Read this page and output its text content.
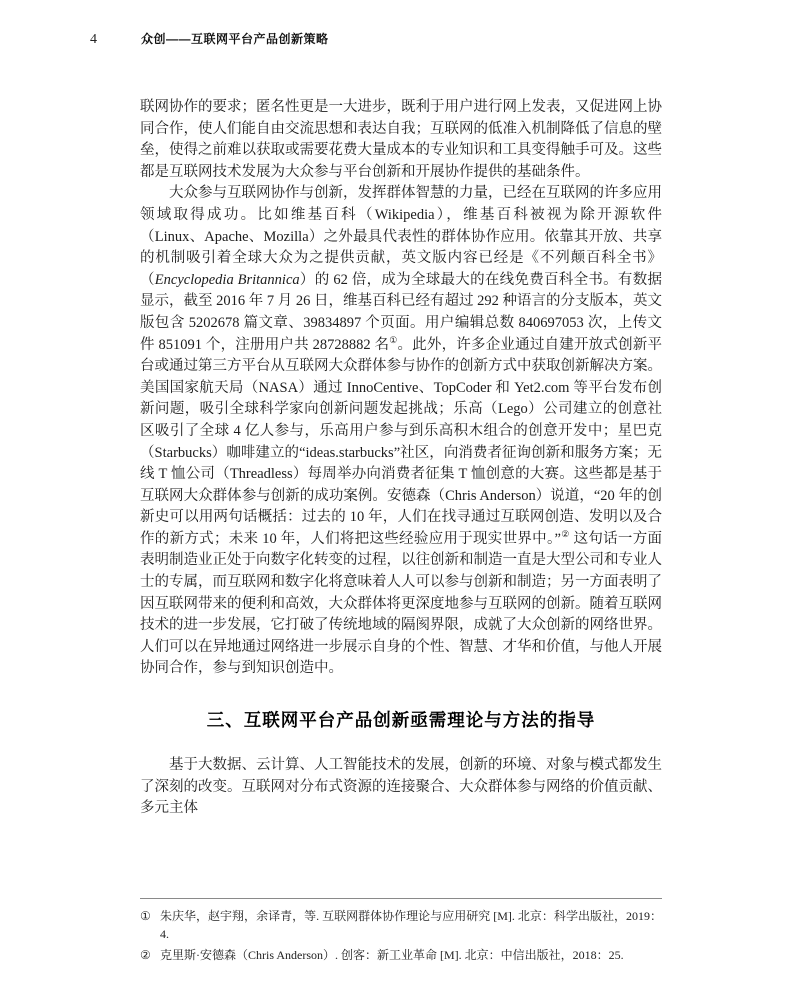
4	众创——互联网平台产品创新策略

联网协作的要求；匿名性更是一大进步，既利于用户进行网上发表，又促进网上协同合作，使人们能自由交流思想和表达自我；互联网的低准入机制降低了信息的壁垒，使得之前难以获取或需要花费大量成本的专业知识和工具变得触手可及。这些都是互联网技术发展为大众参与平台创新和开展协作提供的基础条件。

大众参与互联网协作与创新，发挥群体智慧的力量，已经在互联网的许多应用领域取得成功。比如维基百科（Wikipedia），维基百科被视为除开源软件（Linux、Apache、Mozilla）之外最具代表性的群体协作应用。依靠其开放、共享的机制吸引着全球大众为之提供贡献，英文版内容已经是《不列颠百科全书》（Encyclopedia Britannica）的 62 倍，成为全球最大的在线免费百科全书。有数据显示，截至 2016 年 7 月 26 日，维基百科已经有超过 292 种语言的分支版本，英文版包含 5202678 篇文章、39834897 个页面。用户编辑总数 840697053 次，上传文件 851091 个，注册用户共 28728882 名①。此外，许多企业通过自建开放式创新平台或通过第三方平台从互联网大众群体参与协作的创新方式中获取创新解决方案。美国国家航天局（NASA）通过 InnoCentive、TopCoder 和 Yet2.com 等平台发布创新问题，吸引全球科学家向创新问题发起挑战；乐高（Lego）公司建立的创意社区吸引了全球 4 亿人参与，乐高用户参与到乐高积木组合的创意开发中；星巴克（Starbucks）咖啡建立的“ideas.starbucks”社区，向消费者征询创新和服务方案；无线 T 恤公司（Threadless）每周举办向消费者征集 T 恤创意的大赛。这些都是基于互联网大众群体参与创新的成功案例。安德森（Chris Anderson）说道，“20 年的创新史可以用两句话概括：过去的 10 年，人们在找寻通过互联网创造、发明以及合作的新方式；未来 10 年，人们将把这些经验应用于现实世界中。”② 这句话一方面表明制造业正处于向数字化转变的过程，以往创新和制造一直是大型公司和专业人士的专属，而互联网和数字化将意味着人人可以参与创新和制造；另一方面表明了因互联网带来的便利和高效，大众群体将更深度地参与互联网的创新。随着互联网技术的进一步发展，它打破了传统地域的隔阂界限，成就了大众创新的网络世界。人们可以在异地通过网络进一步展示自身的个性、智慧、才华和价值，与他人开展协同合作，参与到知识创造中。

三、互联网平台产品创新亟需理论与方法的指导

基于大数据、云计算、人工智能技术的发展，创新的环境、对象与模式都发生了深刻的改变。互联网对分布式资源的连接聚合、大众群体参与网络的价值贡献、多元主体

① 朱庆华，赵宇翔，余译青，等. 互联网群体协作理论与应用研究 [M]. 北京：科学出版社，2019：4.
② 克里斯·安德森（Chris Anderson）. 创客：新工业革命 [M]. 北京：中信出版社，2018：25.
